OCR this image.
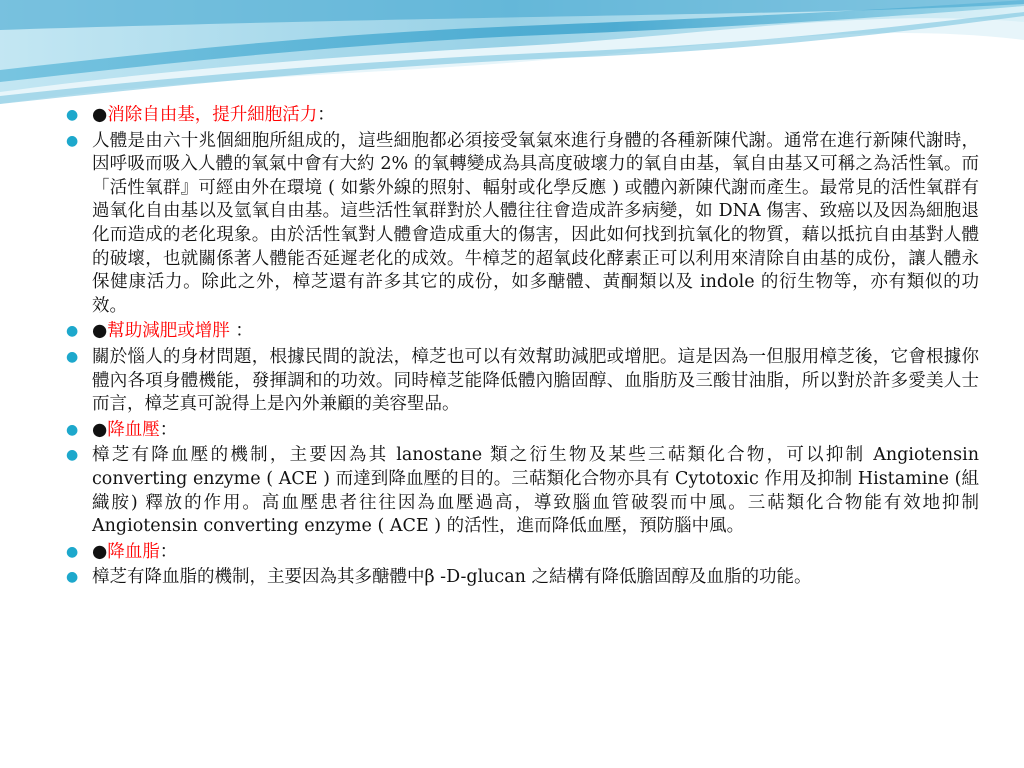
● ●消除自由基，提升細胞活力：
● 人體是由六十兆個細胞所組成的，這些細胞都必須接受氧氣來進行身體的各種新陳代謝。通常在進行新陳代謝時，因呼吸而吸入人體的氧氣中會有大約 2% 的氧轉變成為具高度破壞力的氧自由基，氧自由基又可稱之為活性氧。而「活性氧群』可經由外在環境 ( 如紫外線的照射、輻射或化學反應 ) 或體內新陳代謝而產生。最常見的活性氧群有過氧化自由基以及氫氧自由基。這些活性氧群對於人體往往會造成許多病變，如 DNA 傷害、致癌以及因為細胞退化而造成的老化現象。由於活性氧對人體會造成重大的傷害，因此如何找到抗氧化的物質，藉以抵抗自由基對人體的破壞，也就關係著人體能否延遲老化的成效。牛樟芝的超氧歧化酵素正可以利用來清除自由基的成份，讓人體永保健康活力。除此之外，樟芝還有許多其它的成份，如多醣體、黃酮類以及 indole 的衍生物等，亦有類似的功效。
● ●幫助減肥或增胖 ：
● 關於惱人的身材問題，根據民間的說法，樟芝也可以有效幫助減肥或增肥。這是因為一但服用樟芝後，它會根據你體內各項身體機能，發揮調和的功效。同時樟芝能降低體內膽固醇、血脂肪及三酸甘油脂，所以對於許多愛美人士而言，樟芝真可說得上是內外兼顧的美容聖品。
● ●降血壓：
● 樟芝有降血壓的機制，主要因為其 lanostane 類之衍生物及某些三萜類化合物，可以抑制 Angiotensin converting enzyme ( ACE ) 而達到降血壓的目的。三萜類化合物亦具有 Cytotoxic 作用及抑制 Histamine (組織胺) 釋放的作用。高血壓患者往往因為血壓過高，導致腦血管破裂而中風。三萜類化合物能有效地抑制 Angiotensin converting enzyme ( ACE ) 的活性，進而降低血壓，預防腦中風。
● ●降血脂：
● 樟芝有降血脂的機制，主要因為其多醣體中β -D-glucan 之結構有降低膽固醇及血脂的功能。
